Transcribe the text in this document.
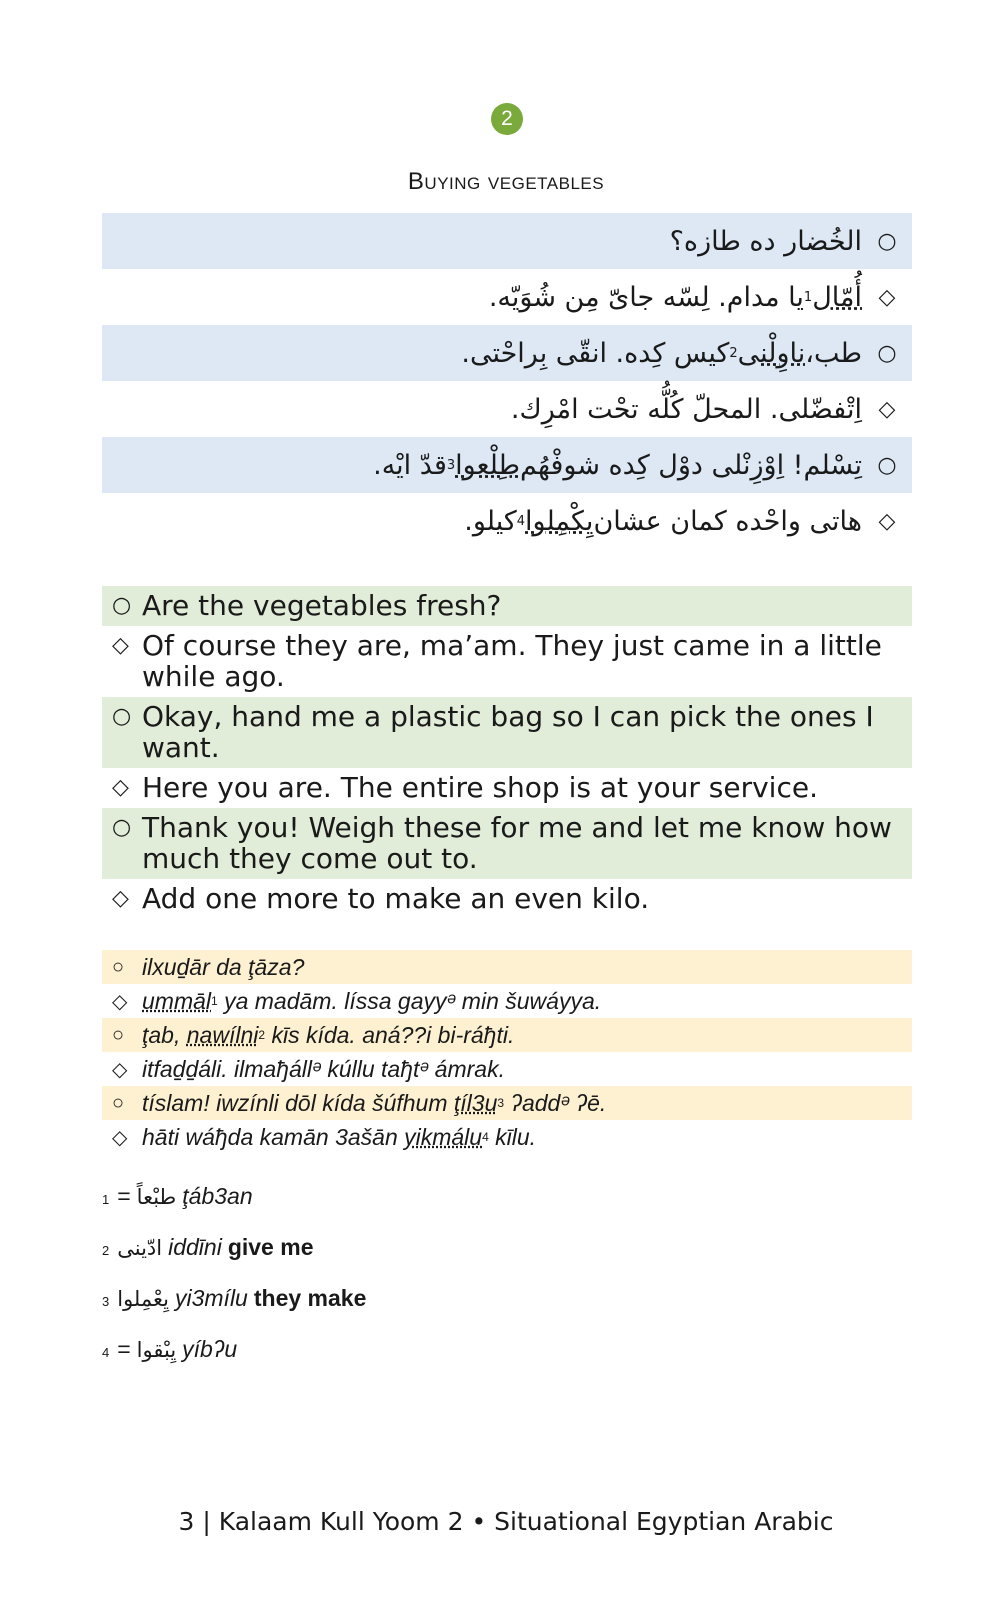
2
Buying vegetables
○
الخُضار ده طازه؟
◇
أُمّال
1
يا مدام. لِسّه جاىّ مِن شُوَيّه.
○
طب،
ناوِلْنى
2
كيس كِده. انقّى بِراحْتى.
◇
اِتْفضّلى. المحلّ كُلُّه تحْت امْرِك.
○
تِسْلم! اِوْزِنْلى دوْل كِده شوفْهُم
طِلْعوا
3
قدّ ايْه.
◇
هاتى واحْده كمان عشان
يِكْمِلوا
4
كيلو.
○ Are the vegetables fresh?
◇ Of course they are, ma’am. They just came in a little while ago.
○ Okay, hand me a plastic bag so I can pick the ones I want.
◇ Here you are. The entire shop is at your service.
○ Thank you! Weigh these for me and let me know how much they come out to.
◇ Add one more to make an even kilo.
○ ilxuḏār da ţāza?
◇ ummāl 1 ya madām. líssa gayyᵊ min šuwáyya.
○ ţab, nawílni 2 kīs kída. aná??i bi-ráђti.
◇ itfaḏḏáli. ilmaђállᵊ kúllu taђtᵊ ámrak.
○ tíslam! iwzínli dōl kída šúfhum ţíl3u 3 ʔaddᵊ ʔē.
◇ hāti wáђda kamān 3ašān yikmálu 4 kīlu.
1 = طبْعاً ţáb3an
2 ادّينى iddīni give me
3 يِعْمِلوا yi3mílu they make
4 = يِبْقوا yíbʔu
3 | Kalaam Kull Yoom 2 • Situational Egyptian Arabic
